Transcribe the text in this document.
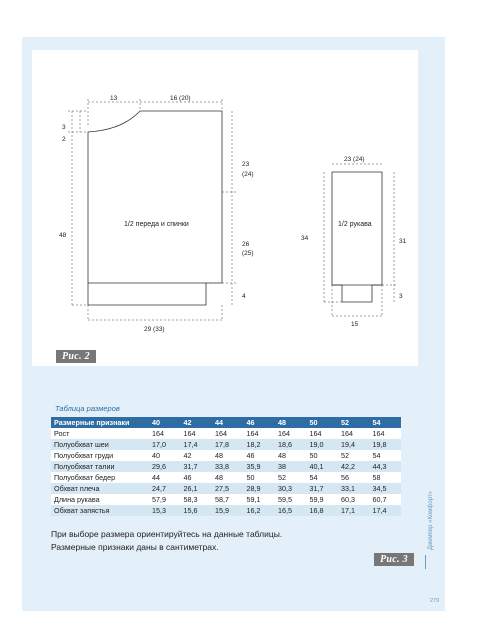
13	16 (20)
3
2
48
23
(24)
26
(25)
4
29 (33)
23 (24)
34	31
3
15
1/2 переда и спинки	1/2 рукава
Рис. 2
Таблица размеров
Размерные признаки	40	42	44	46	48	50	52	54
Рост	164	164	164	164	164	164	164	164
Полуобхват шеи	17,0	17,4	17,8	18,2	18,6	19,0	19,4	19,8
Полуобхват груди	40	42	48	46	48	50	52	54
Полуобхват талии	29,6	31,7	33,8	35,9	38	40,1	42,2	44,3
Полуобхват бедер	44	46	48	50	52	54	56	58
Обхват плеча	24,7	26,1	27,5	28,9	30,3	31,7	33,1	34,5
Длина рукава	57,9	58,3	58,7	59,1	59,5	59,9	60,3	60,7
Обхват запястья	15,3	15,6	15,9	16,2	16,5	16,8	17,1	17,4
При выборе размера ориентируйтесь на данные таблицы.
Размерные признаки даны в сантиметрах.
Рис. 3
Джемпер «Комфорт»
279
